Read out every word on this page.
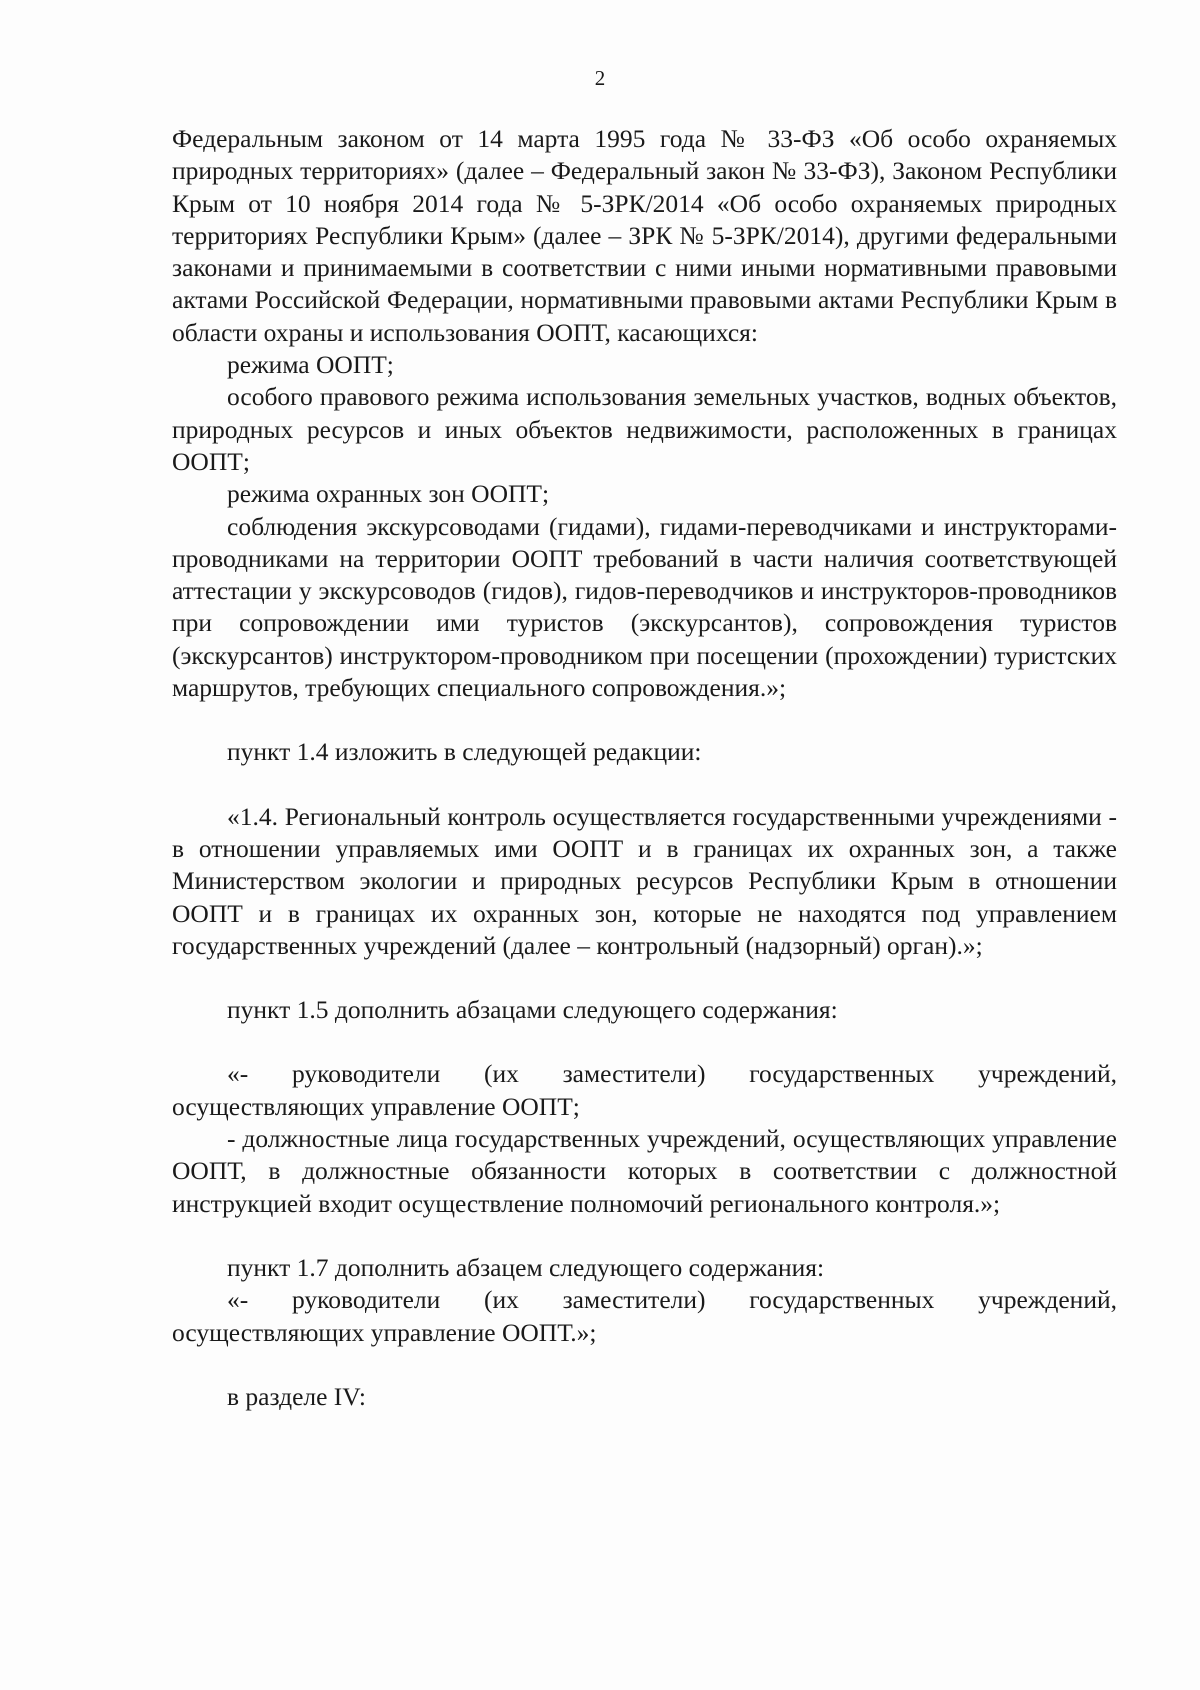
2

Федеральным законом от 14 марта 1995 года № 33-ФЗ «Об особо охраняемых природных территориях» (далее – Федеральный закон № 33-ФЗ), Законом Республики Крым от 10 ноября 2014 года № 5-ЗРК/2014 «Об особо охраняемых природных территориях Республики Крым» (далее – ЗРК № 5-ЗРК/2014), другими федеральными законами и принимаемыми в соответствии с ними иными нормативными правовыми актами Российской Федерации, нормативными правовыми актами Республики Крым в области охраны и использования ООПТ, касающихся:

режима ООПТ;

особого правового режима использования земельных участков, водных объектов, природных ресурсов и иных объектов недвижимости, расположенных в границах ООПТ;

режима охранных зон ООПТ;

соблюдения экскурсоводами (гидами), гидами-переводчиками и инструкторами-проводниками на территории ООПТ требований в части наличия соответствующей аттестации у экскурсоводов (гидов), гидов-переводчиков и инструкторов-проводников при сопровождении ими туристов (экскурсантов), сопровождения туристов (экскурсантов) инструктором-проводником при посещении (прохождении) туристских маршрутов, требующих специального сопровождения.»;

пункт 1.4 изложить в следующей редакции:

«1.4. Региональный контроль осуществляется государственными учреждениями - в отношении управляемых ими ООПТ и в границах их охранных зон, а также Министерством экологии и природных ресурсов Республики Крым в отношении ООПТ и в границах их охранных зон, которые не находятся под управлением государственных учреждений (далее – контрольный (надзорный) орган).»;

пункт 1.5 дополнить абзацами следующего содержания:

«- руководители (их заместители) государственных учреждений, осуществляющих управление ООПТ;

- должностные лица государственных учреждений, осуществляющих управление ООПТ, в должностные обязанности которых в соответствии с должностной инструкцией входит осуществление полномочий регионального контроля.»;

пункт 1.7 дополнить абзацем следующего содержания:

«- руководители (их заместители) государственных учреждений, осуществляющих управление ООПТ.»;

в разделе IV:
